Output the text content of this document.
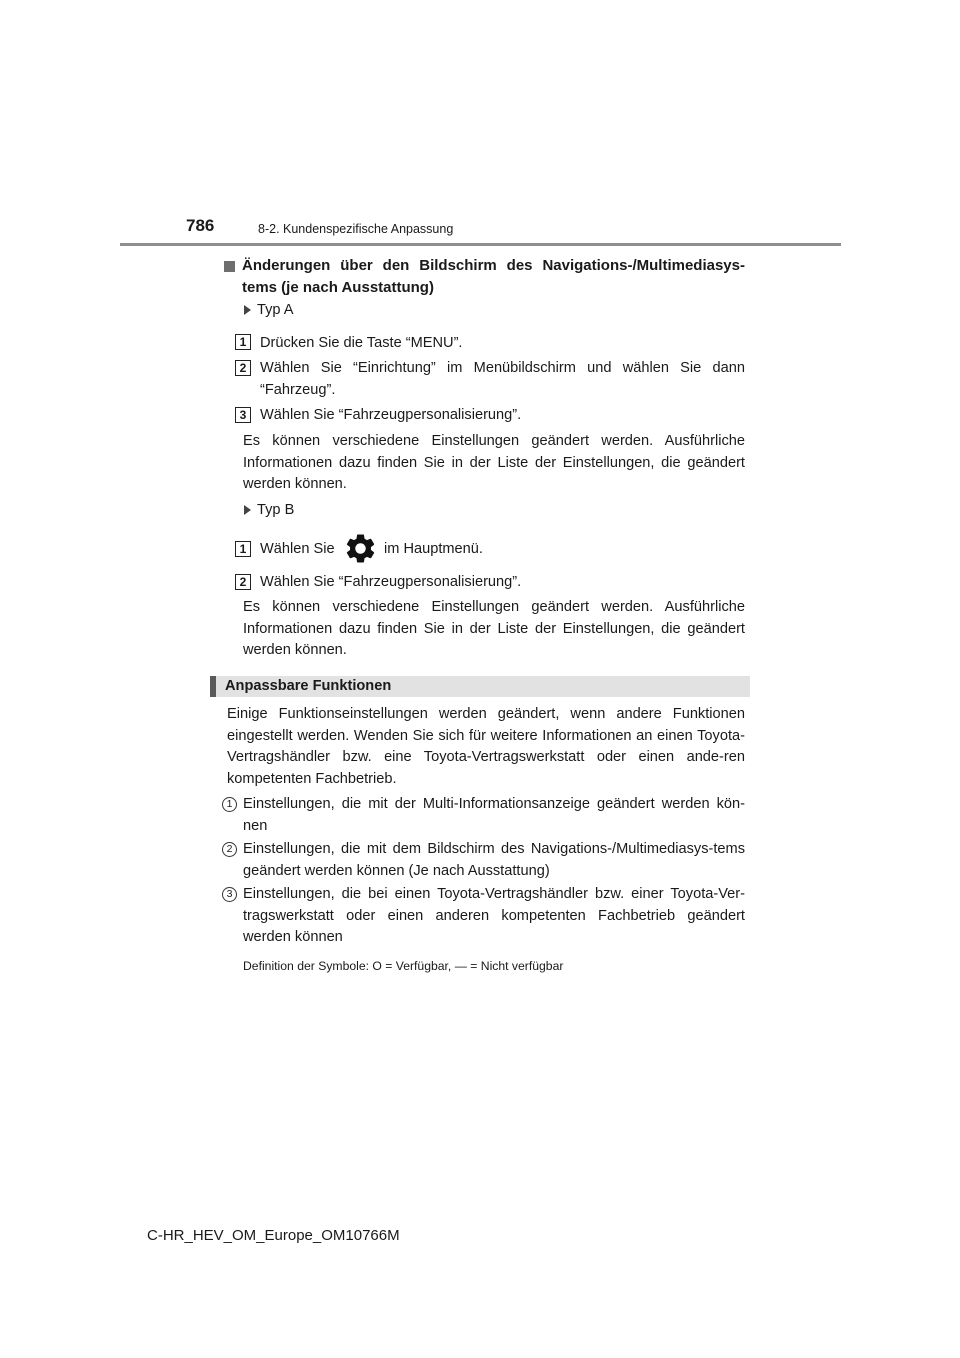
786	8-2. Kundenspezifische Anpassung
Änderungen über den Bildschirm des Navigations-/Multimediasys-tems (je nach Ausstattung)
Typ A
1 Drücken Sie die Taste “MENU”.
2 Wählen Sie “Einrichtung” im Menübildschirm und wählen Sie dann “Fahrzeug”.
3 Wählen Sie “Fahrzeugpersonalisierung”.
Es können verschiedene Einstellungen geändert werden. Ausführliche Informationen dazu finden Sie in der Liste der Einstellungen, die geändert werden können.
Typ B
1 Wählen Sie	im Hauptmenü.
2 Wählen Sie “Fahrzeugpersonalisierung”.
Es können verschiedene Einstellungen geändert werden. Ausführliche Informationen dazu finden Sie in der Liste der Einstellungen, die geändert werden können.
Anpassbare Funktionen
Einige Funktionseinstellungen werden geändert, wenn andere Funktionen eingestellt werden. Wenden Sie sich für weitere Informationen an einen Toyota-Vertragshändler bzw. eine Toyota-Vertragswerkstatt oder einen ande-ren kompetenten Fachbetrieb.
1 Einstellungen, die mit der Multi-Informationsanzeige geändert werden kön-nen
2 Einstellungen, die mit dem Bildschirm des Navigations-/Multimediasys-tems geändert werden können (Je nach Ausstattung)
3 Einstellungen, die bei einen Toyota-Vertragshändler bzw. einer Toyota-Ver-tragswerkstatt oder einen anderen kompetenten Fachbetrieb geändert werden können
Definition der Symbole: O = Verfügbar, — = Nicht verfügbar
C-HR_HEV_OM_Europe_OM10766M
